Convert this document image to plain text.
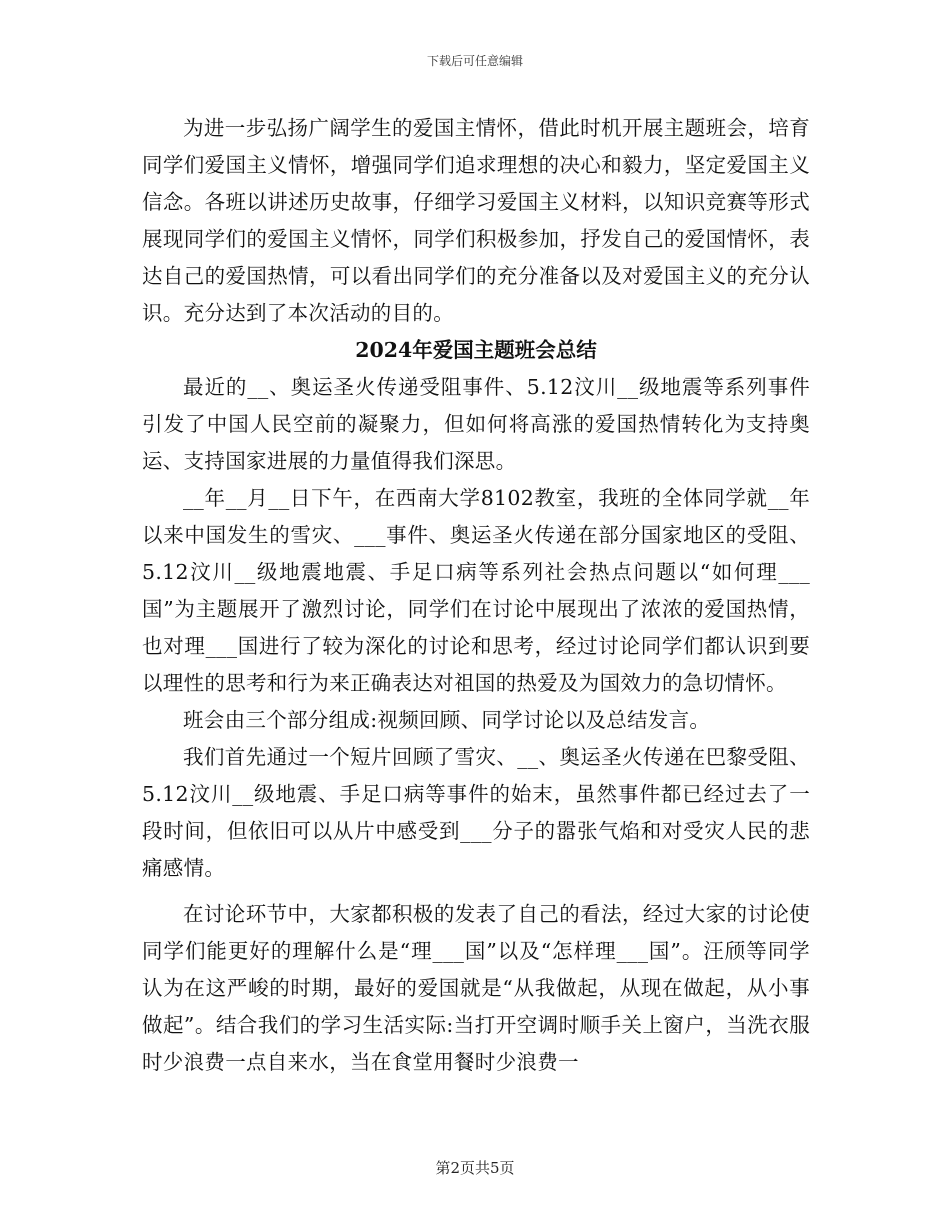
下载后可任意编辑

为进一步弘扬广阔学生的爱国主情怀，借此时机开展主题班会，培育同学们爱国主义情怀，增强同学们追求理想的决心和毅力，坚定爱国主义信念。各班以讲述历史故事，仔细学习爱国主义材料，以知识竞赛等形式展现同学们的爱国主义情怀，同学们积极参加，抒发自己的爱国情怀，表达自己的爱国热情，可以看出同学们的充分准备以及对爱国主义的充分认识。充分达到了本次活动的目的。

2024年爱国主题班会总结

最近的__、奥运圣火传递受阻事件、5.12汶川__级地震等系列事件引发了中国人民空前的凝聚力，但如何将高涨的爱国热情转化为支持奥运、支持国家进展的力量值得我们深思。

__年__月__日下午，在西南大学8102教室，我班的全体同学就__年以来中国发生的雪灾、___事件、奥运圣火传递在部分国家地区的受阻、5.12汶川__级地震地震、手足口病等系列社会热点问题以“如何理___国”为主题展开了激烈讨论，同学们在讨论中展现出了浓浓的爱国热情，也对理___国进行了较为深化的讨论和思考，经过讨论同学们都认识到要以理性的思考和行为来正确表达对祖国的热爱及为国效力的急切情怀。

班会由三个部分组成:视频回顾、同学讨论以及总结发言。

我们首先通过一个短片回顾了雪灾、__、奥运圣火传递在巴黎受阻、5.12汶川__级地震、手足口病等事件的始末，虽然事件都已经过去了一段时间，但依旧可以从片中感受到___分子的嚣张气焰和对受灾人民的悲痛感情。

在讨论环节中，大家都积极的发表了自己的看法，经过大家的讨论使同学们能更好的理解什么是“理___国”以及“怎样理___国”。汪颀等同学认为在这严峻的时期，最好的爱国就是“从我做起，从现在做起，从小事做起”。结合我们的学习生活实际:当打开空调时顺手关上窗户，当洗衣服时少浪费一点自来水，当在食堂用餐时少浪费一

第2页共5页
